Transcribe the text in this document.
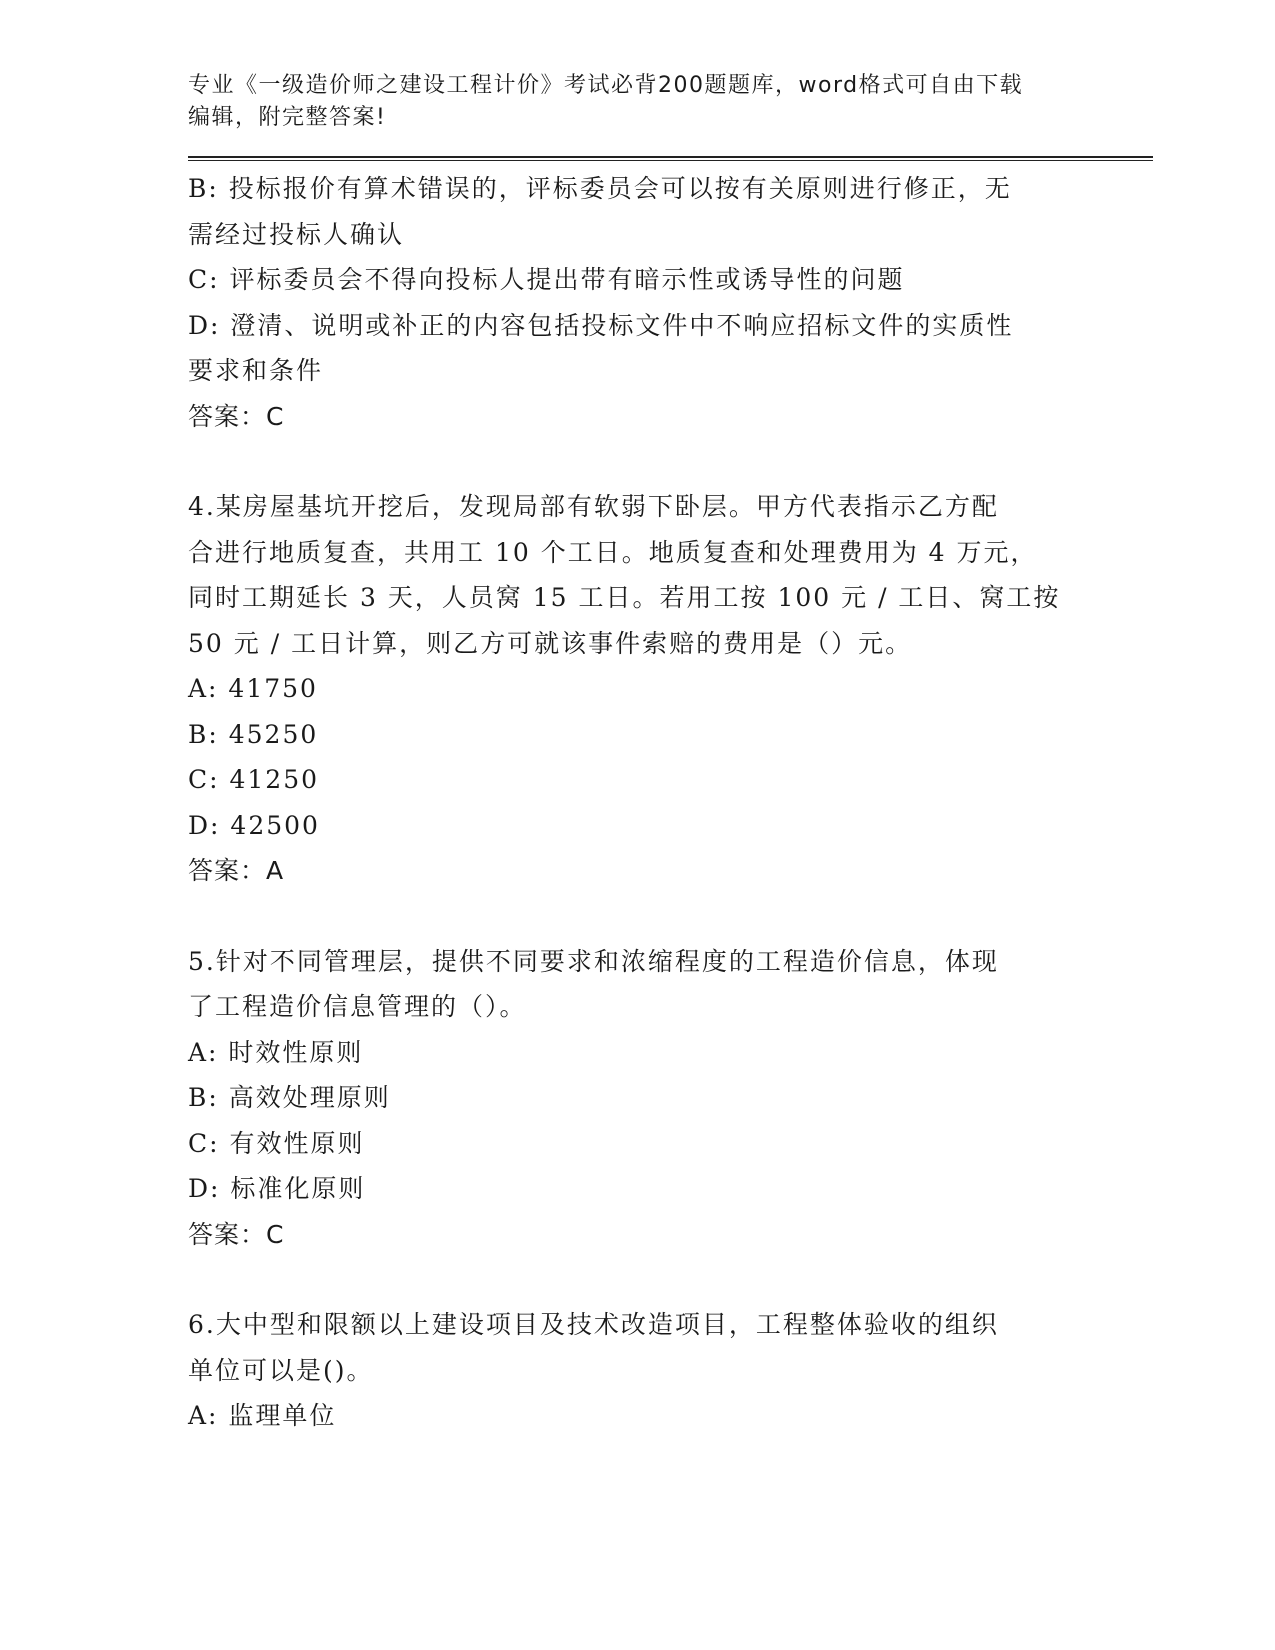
专业《一级造价师之建设工程计价》考试必背200题题库，word格式可自由下载
编辑，附完整答案!
B: 投标报价有算术错误的，评标委员会可以按有关原则进行修正，无
需经过投标人确认
C: 评标委员会不得向投标人提出带有暗示性或诱导性的问题
D: 澄清、说明或补正的内容包括投标文件中不响应招标文件的实质性
要求和条件
答案：C
4.某房屋基坑开挖后，发现局部有软弱下卧层。甲方代表指示乙方配
合进行地质复查，共用工 10 个工日。地质复查和处理费用为 4 万元，
同时工期延长 3 天，人员窝 15 工日。若用工按 100 元 / 工日、窝工按
50 元 / 工日计算，则乙方可就该事件索赔的费用是（）元。
A: 41750
B: 45250
C: 41250
D: 42500
答案：A
5.针对不同管理层，提供不同要求和浓缩程度的工程造价信息，体现
了工程造价信息管理的（）。
A: 时效性原则
B: 高效处理原则
C: 有效性原则
D: 标准化原则
答案：C
6.大中型和限额以上建设项目及技术改造项目，工程整体验收的组织
单位可以是()。
A: 监理单位
